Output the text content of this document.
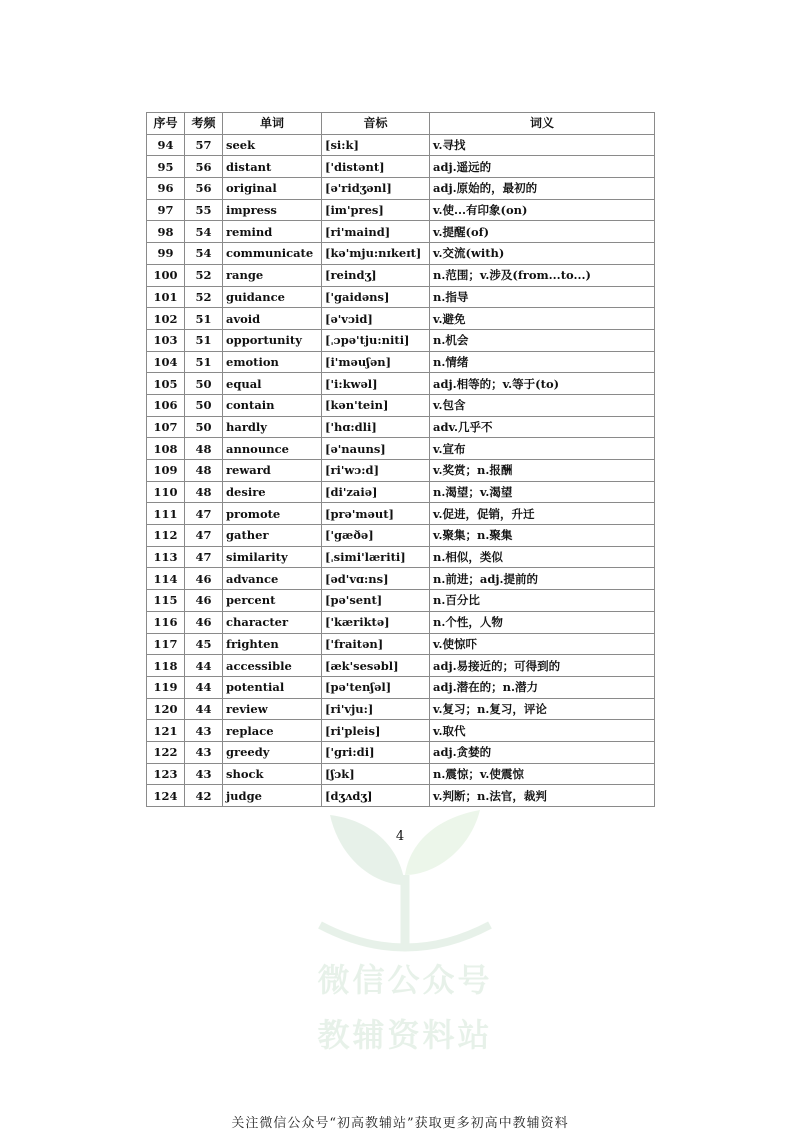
微信公众号
教辅资料站
序号	考频	单词	音标	词义
94	57	seek	[si:k]	v.寻找
95	56	distant	['distənt]	adj.遥远的
96	56	original	[ə'ridʒənl]	adj.原始的，最初的
97	55	impress	[im'pres]	v.使...有印象(on)
98	54	remind	[ri'maind]	v.提醒(of)
99	54	communicate	[kə'mju:nɪkeɪt]	v.交流(with)
100	52	range	[reindʒ]	n.范围；v.涉及(from...to...)
101	52	guidance	['gaidəns]	n.指导
102	51	avoid	[ə'vɔid]	v.避免
103	51	opportunity	[ˌɔpə'tju:niti]	n.机会
104	51	emotion	[i'məuʃən]	n.情绪
105	50	equal	['i:kwəl]	adj.相等的；v.等于(to)
106	50	contain	[kən'tein]	v.包含
107	50	hardly	['hɑ:dli]	adv.几乎不
108	48	announce	[ə'nauns]	v.宣布
109	48	reward	[ri'wɔ:d]	v.奖赏；n.报酬
110	48	desire	[di'zaiə]	n.渴望；v.渴望
111	47	promote	[prə'məut]	v.促进，促销，升迁
112	47	gather	['gæðə]	v.聚集；n.聚集
113	47	similarity	[ˌsimi'læriti]	n.相似，类似
114	46	advance	[əd'vɑ:ns]	n.前进；adj.提前的
115	46	percent	[pə'sent]	n.百分比
116	46	character	['kæriktə]	n.个性，人物
117	45	frighten	['fraitən]	v.使惊吓
118	44	accessible	[æk'sesəbl]	adj.易接近的；可得到的
119	44	potential	[pə'tenʃəl]	adj.潜在的；n.潜力
120	44	review	[ri'vju:]	v.复习；n.复习，评论
121	43	replace	[ri'pleis]	v.取代
122	43	greedy	['gri:di]	adj.贪婪的
123	43	shock	[ʃɔk]	n.震惊；v.使震惊
124	42	judge	[dʒʌdʒ]	v.判断；n.法官，裁判
4
关注微信公众号“初高教辅站”获取更多初高中教辅资料
